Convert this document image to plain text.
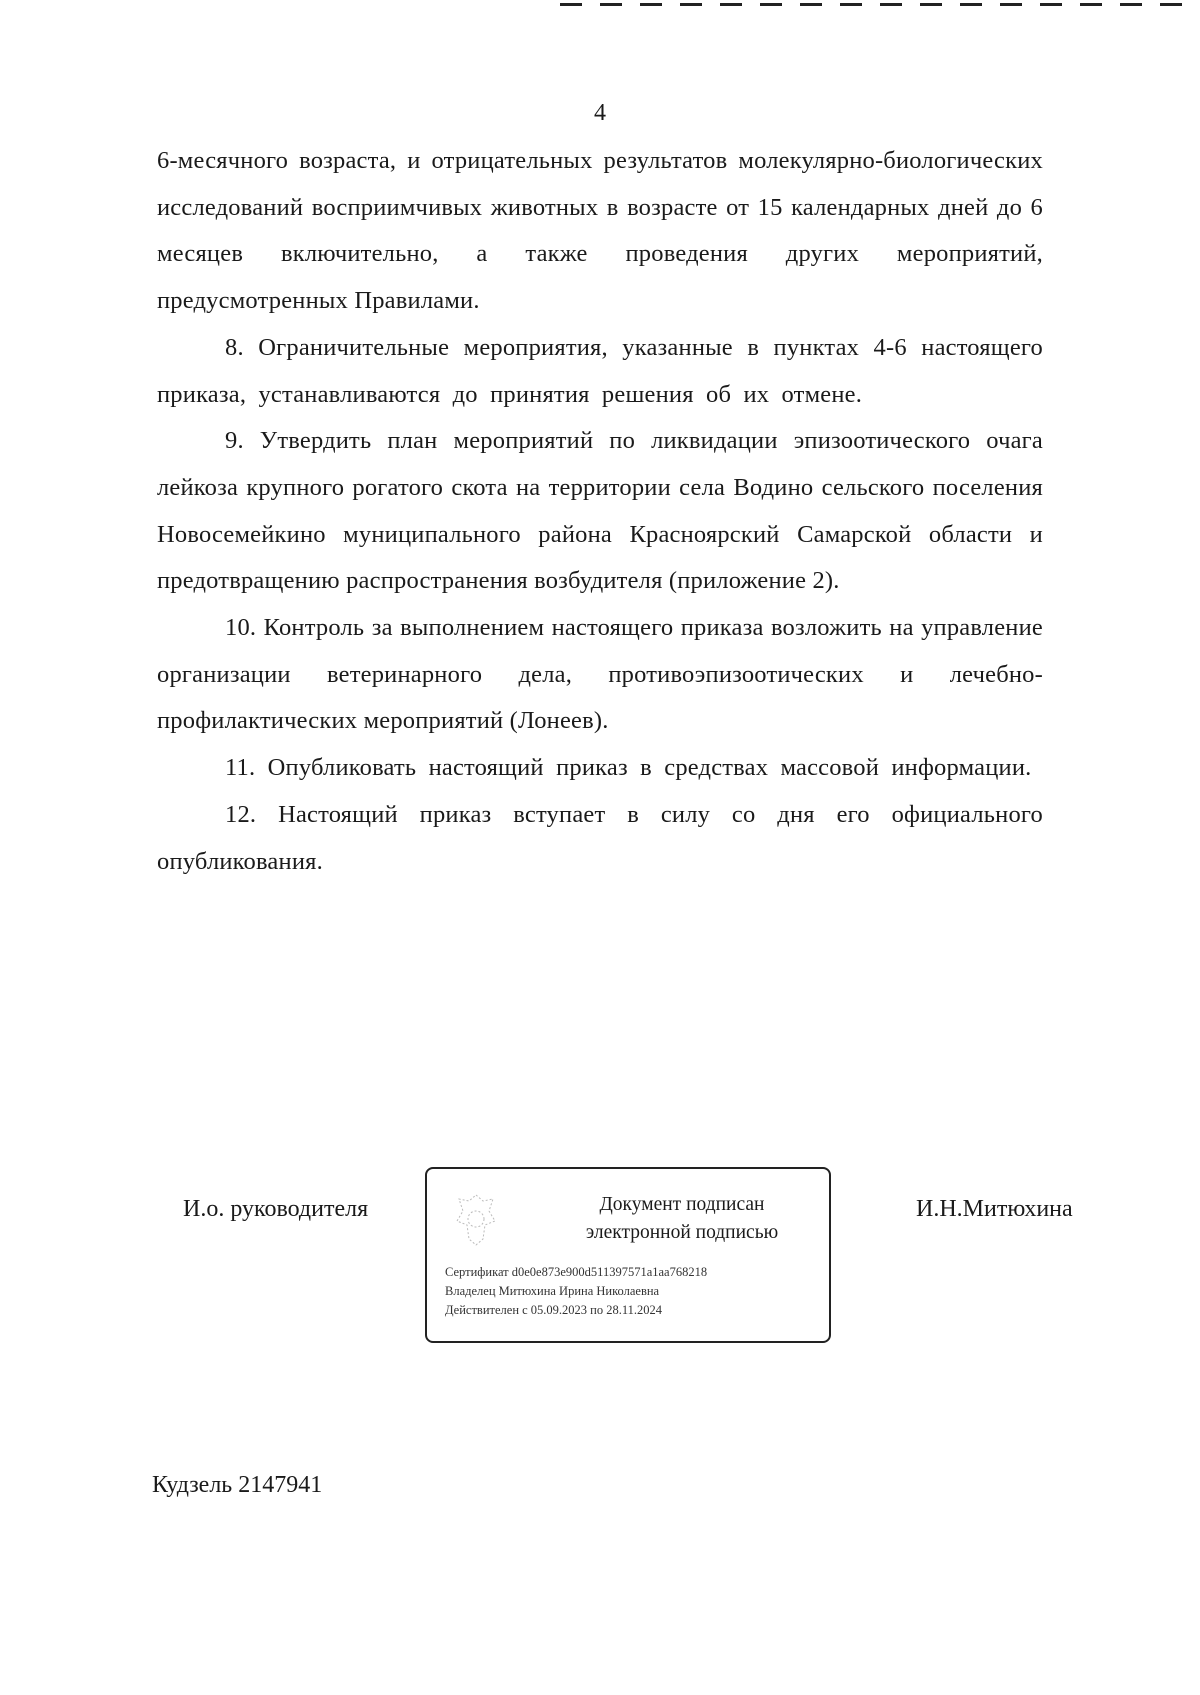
4

6-месячного возраста, и отрицательных результатов молекулярно-биологических исследований восприимчивых животных в возрасте от 15 календарных дней до 6 месяцев включительно, а также проведения других мероприятий, предусмотренных Правилами.

8. Ограничительные мероприятия, указанные в пунктах 4-6 настоящего приказа, устанавливаются до принятия решения об их отмене.

9. Утвердить план мероприятий по ликвидации эпизоотического очага лейкоза крупного рогатого скота на территории села Водино сельского поселения Новосемейкино муниципального района Красноярский Самарской области и предотвращению распространения возбудителя (приложение 2).

10. Контроль за выполнением настоящего приказа возложить на управление организации ветеринарного дела, противоэпизоотических и лечебно-профилактических мероприятий (Лонеев).

11. Опубликовать настоящий приказ в средствах массовой информации.

12. Настоящий приказ вступает в силу со дня его официального опубликования.

И.о. руководителя	Документ подписан
электронной подписью
Сертификат d0e0e873e900d511397571a1aa768218
Владелец Митюхина Ирина Николаевна
Действителен с 05.09.2023 по 28.11.2024
И.Н.Митюхина
Кудзель 2147941
